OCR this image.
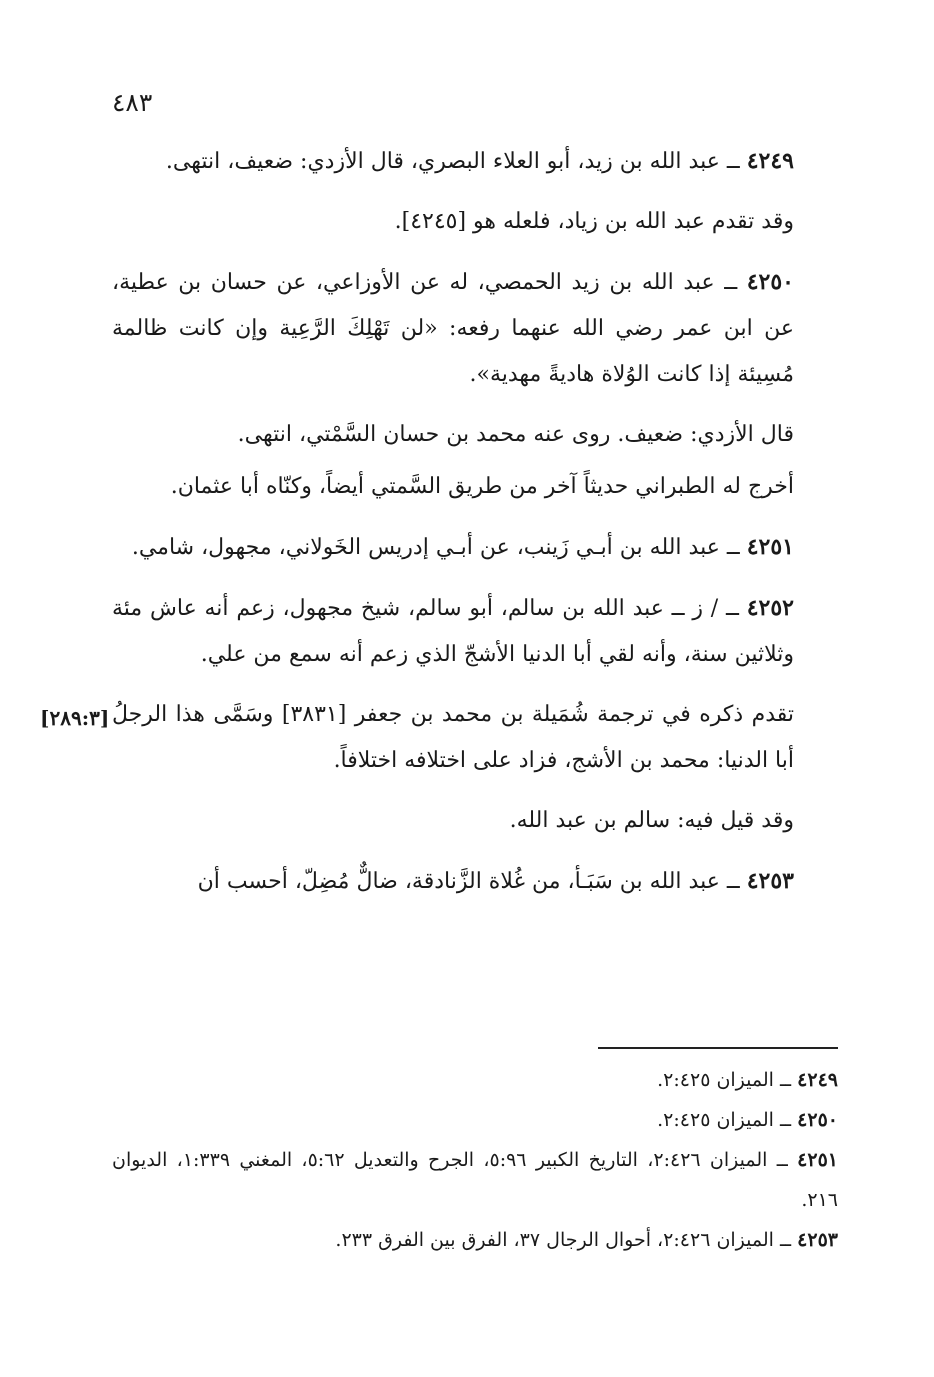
٤٨٣
[٢٨٩:٣]

٤٢٤٩ ــ عبد الله بن زيد، أبو العلاء البصري، قال الأزدي: ضعيف، انتهى.

وقد تقدم عبد الله بن زياد، فلعله هو [٤٢٤٥].

٤٢٥٠ ــ عبد الله بن زيد الحمصي، له عن الأوزاعي، عن حسان بن عطية، عن ابن عمر رضي الله عنهما رفعه: «لن تَهْلِكَ الرَّعِية وإن كانت ظالمة مُسِيئة إذا كانت الوُلاة هاديةً مهدية».

قال الأزدي: ضعيف. روى عنه محمد بن حسان السَّمْتي، انتهى.

أخرج له الطبراني حديثاً آخر من طريق السَّمتي أيضاً، وكنّاه أبا عثمان.

٤٢٥١ ــ عبد الله بن أبـي زَينب، عن أبـي إدريس الخَولاني، مجهول، شامي.

٤٢٥٢ ــ / ز ــ عبد الله بن سالم، أبو سالم، شيخ مجهول، زعم أنه عاش مئة وثلاثين سنة، وأنه لقي أبا الدنيا الأشجّ الذي زعم أنه سمع من علي.

تقدم ذكره في ترجمة شُمَيلة بن محمد بن جعفر [٣٨٣١] وسَمَّى هذا الرجلُ أبا الدنيا: محمد بن الأشج، فزاد على اختلافه اختلافاً.

وقد قيل فيه: سالم بن عبد الله.

٤٢٥٣ ــ عبد الله بن سَبَـأ، من غُلاة الزَّنادقة، ضالٌّ مُضِلّ، أحسب أن

٤٢٤٩ ــ الميزان ٢:٤٢٥.

٤٢٥٠ ــ الميزان ٢:٤٢٥.

٤٢٥١ ــ الميزان ٢:٤٢٦، التاريخ الكبير ٥:٩٦، الجرح والتعديل ٥:٦٢، المغني ١:٣٣٩، الديوان ٢١٦.

٤٢٥٣ ــ الميزان ٢:٤٢٦، أحوال الرجال ٣٧، الفرق بين الفرق ٢٣٣.
